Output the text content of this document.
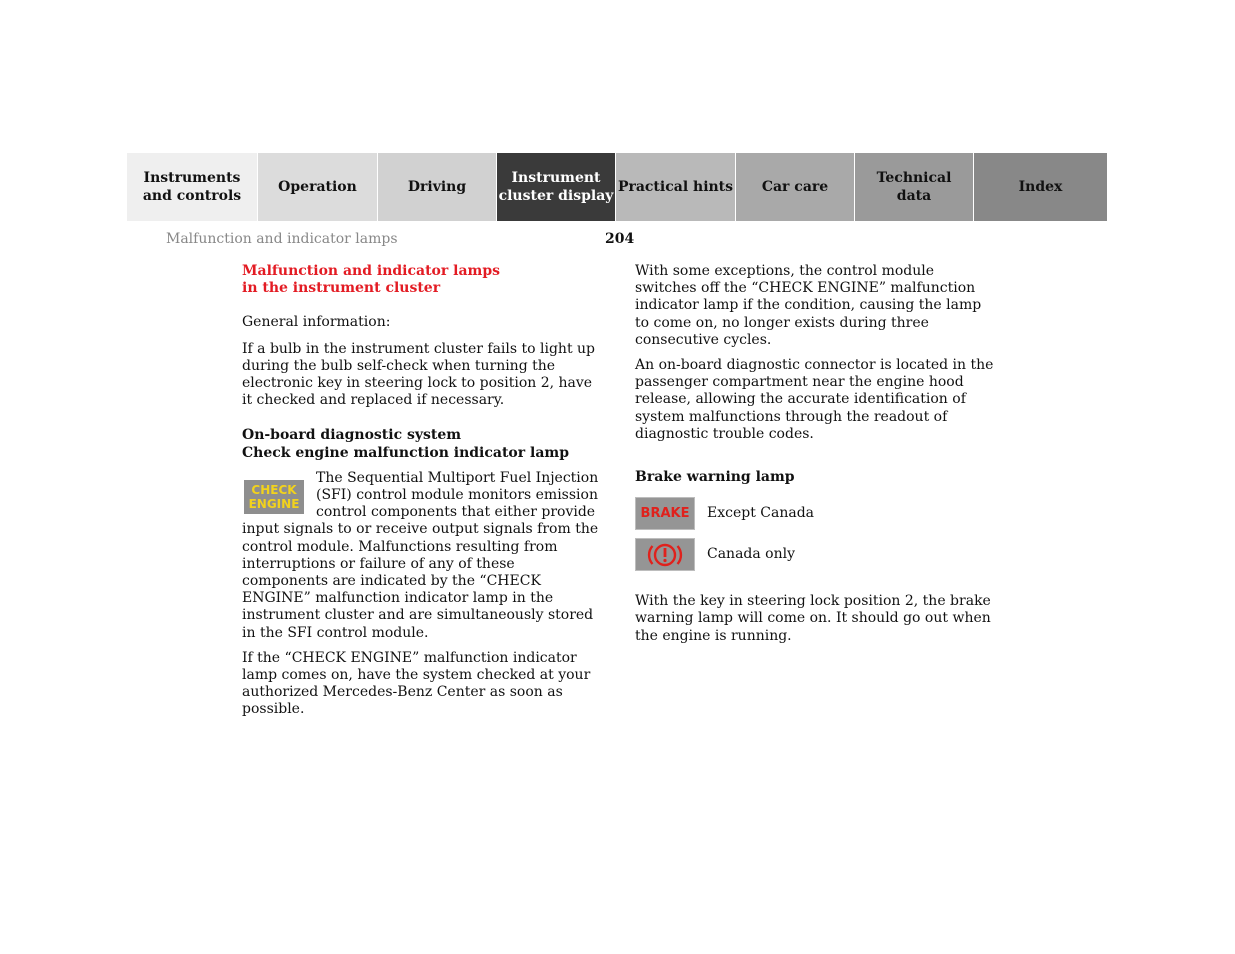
Instruments
and controls
Operation	Driving
Instrument
cluster display
Practical hints Car care
Technical
data
Index
Malfunction and indicator lamps	204

Malfunction and indicator lamps
in the instrument cluster

General information:

If a bulb in the instrument cluster fails to light up during the bulb self-check when turning the electronic key in steering lock to position 2, have it checked and replaced if necessary.

On-board diagnostic system
Check engine malfunction indicator lamp

CHECK
ENGINE

The Sequential Multiport Fuel Injection (SFI) control module monitors emission control components that either provide input signals to or receive output signals from the control module. Malfunctions resulting from interruptions or failure of any of these components are indicated by the “CHECK ENGINE” malfunction indicator lamp in the instrument cluster and are simultaneously stored in the SFI control module.

If the “CHECK ENGINE” malfunction indicator lamp comes on, have the system checked at your authorized Mercedes-Benz Center as soon as possible.

With some exceptions, the control module switches off the “CHECK ENGINE” malfunction indicator lamp if the condition, causing the lamp to come on, no longer exists during three consecutive cycles.

An on-board diagnostic connector is located in the passenger compartment near the engine hood release, allowing the accurate identification of system malfunctions through the readout of diagnostic trouble codes.

Brake warning lamp

BRAKE Except Canada
Canada only

With the key in steering lock position 2, the brake warning lamp will come on. It should go out when the engine is running.
